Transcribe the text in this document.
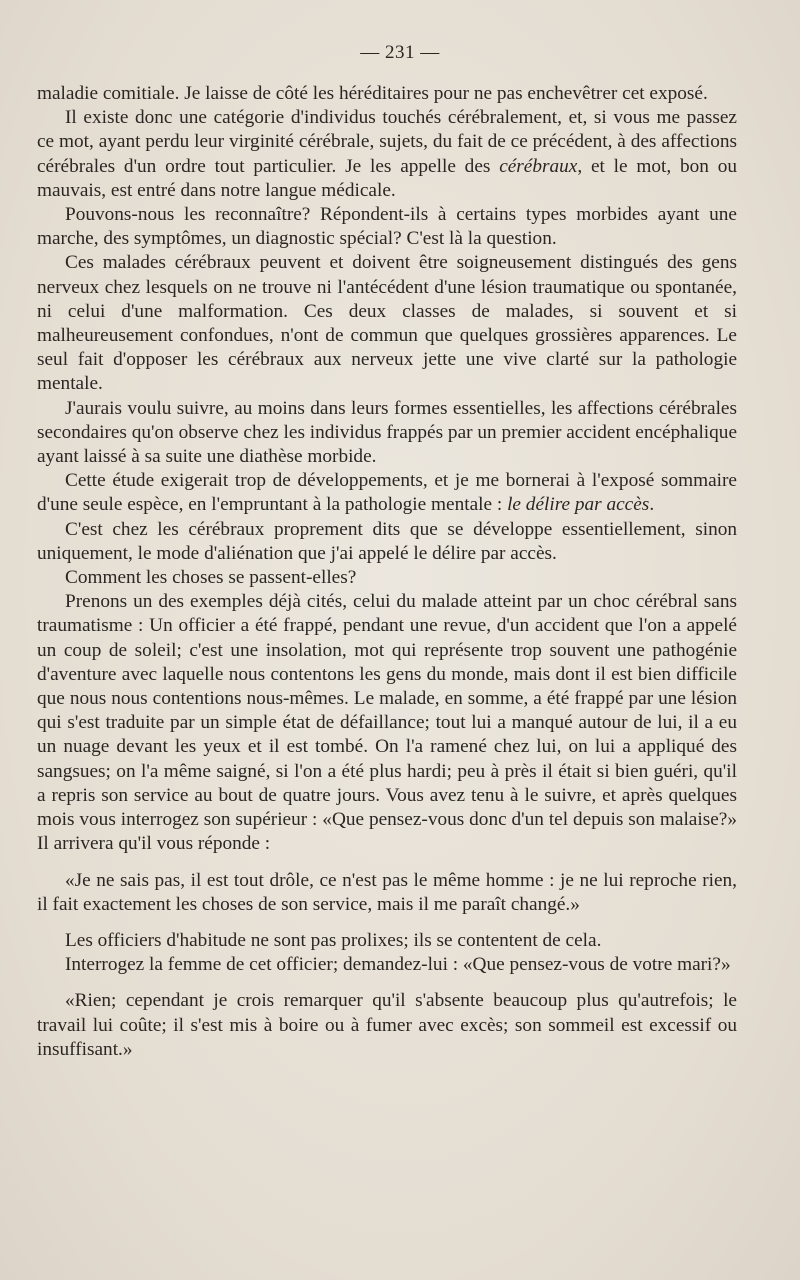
— 231 —

maladie comitiale. Je laisse de côté les héréditaires pour ne pas enchevêtrer cet exposé.

Il existe donc une catégorie d'individus touchés cérébralement, et, si vous me passez ce mot, ayant perdu leur virginité cérébrale, sujets, du fait de ce précédent, à des affections cérébrales d'un ordre tout particulier. Je les appelle des cérébraux, et le mot, bon ou mauvais, est entré dans notre langue médicale.

Pouvons-nous les reconnaître? Répondent-ils à certains types morbides ayant une marche, des symptômes, un diagnostic spécial? C'est là la question.

Ces malades cérébraux peuvent et doivent être soigneusement distingués des gens nerveux chez lesquels on ne trouve ni l'antécédent d'une lésion traumatique ou spontanée, ni celui d'une malformation. Ces deux classes de malades, si souvent et si malheureusement confondues, n'ont de commun que quelques grossières apparences. Le seul fait d'opposer les cérébraux aux nerveux jette une vive clarté sur la pathologie mentale.

J'aurais voulu suivre, au moins dans leurs formes essentielles, les affections cérébrales secondaires qu'on observe chez les individus frappés par un premier accident encéphalique ayant laissé à sa suite une diathèse morbide.

Cette étude exigerait trop de développements, et je me bornerai à l'exposé sommaire d'une seule espèce, en l'empruntant à la pathologie mentale : le délire par accès.

C'est chez les cérébraux proprement dits que se développe essentiellement, sinon uniquement, le mode d'aliénation que j'ai appelé le délire par accès.

Comment les choses se passent-elles?

Prenons un des exemples déjà cités, celui du malade atteint par un choc cérébral sans traumatisme : Un officier a été frappé, pendant une revue, d'un accident que l'on a appelé un coup de soleil; c'est une insolation, mot qui représente trop souvent une pathogénie d'aventure avec laquelle nous contentons les gens du monde, mais dont il est bien difficile que nous nous contentions nous-mêmes. Le malade, en somme, a été frappé par une lésion qui s'est traduite par un simple état de défaillance; tout lui a manqué autour de lui, il a eu un nuage devant les yeux et il est tombé. On l'a ramené chez lui, on lui a appliqué des sangsues; on l'a même saigné, si l'on a été plus hardi; peu à près il était si bien guéri, qu'il a repris son service au bout de quatre jours. Vous avez tenu à le suivre, et après quelques mois vous interrogez son supérieur : «Que pensez-vous donc d'un tel depuis son malaise?» Il arrivera qu'il vous réponde :

«Je ne sais pas, il est tout drôle, ce n'est pas le même homme : je ne lui reproche rien, il fait exactement les choses de son service, mais il me paraît changé.»

Les officiers d'habitude ne sont pas prolixes; ils se contentent de cela.

Interrogez la femme de cet officier; demandez-lui : «Que pensez-vous de votre mari?»

«Rien; cependant je crois remarquer qu'il s'absente beaucoup plus qu'autrefois; le travail lui coûte; il s'est mis à boire ou à fumer avec excès; son sommeil est excessif ou insuffisant.»
